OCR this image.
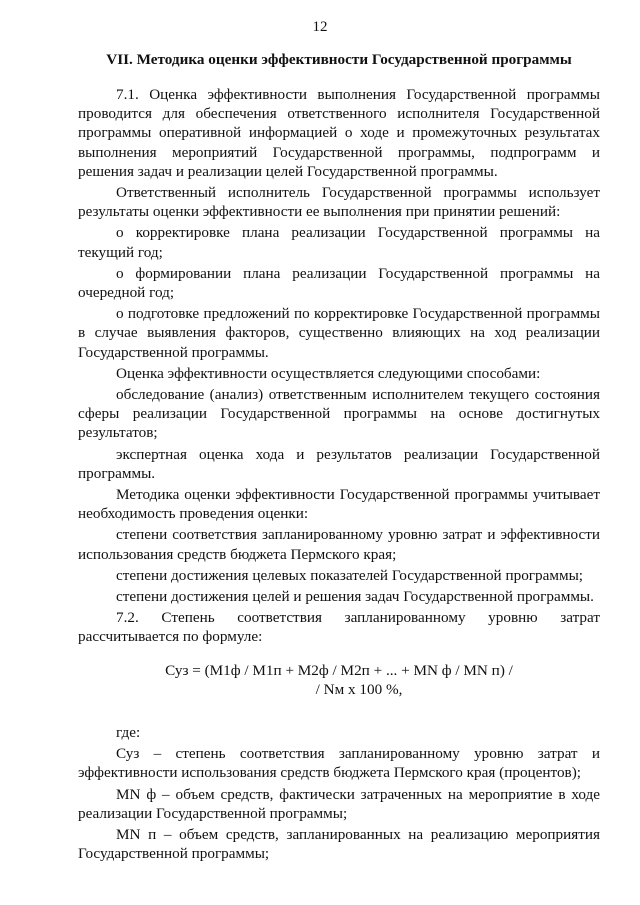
12
VII. Методика оценки эффективности Государственной программы

7.1. Оценка эффективности выполнения Государственной программы проводится для обеспечения ответственного исполнителя Государственной программы оперативной информацией о ходе и промежуточных результатах выполнения мероприятий Государственной программы, подпрограмм и решения задач и реализации целей Государственной программы.

Ответственный исполнитель Государственной программы использует результаты оценки эффективности ее выполнения при принятии решений:

о корректировке плана реализации Государственной программы на текущий год;

о формировании плана реализации Государственной программы на очередной год;

о подготовке предложений по корректировке Государственной программы в случае выявления факторов, существенно влияющих на ход реализации Государственной программы.

Оценка эффективности осуществляется следующими способами:

обследование (анализ) ответственным исполнителем текущего состояния сферы реализации Государственной программы на основе достигнутых результатов;

экспертная оценка хода и результатов реализации Государственной программы.

Методика оценки эффективности Государственной программы учитывает необходимость проведения оценки:

степени соответствия запланированному уровню затрат и эффективности использования средств бюджета Пермского края;

степени достижения целевых показателей Государственной программы;

степени достижения целей и решения задач Государственной программы.

7.2. Степень соответствия запланированному уровню затрат рассчитывается по формуле:

Суз = (М1ф / М1п + М2ф / М2п + ... + МN ф / МN п) /
/ Nм x 100 %,

где:

Суз – степень соответствия запланированному уровню затрат и эффективности использования средств бюджета Пермского края (процентов);

МN ф – объем средств, фактически затраченных на мероприятие в ходе реализации Государственной программы;

МN п – объем средств, запланированных на реализацию мероприятия Государственной программы;
